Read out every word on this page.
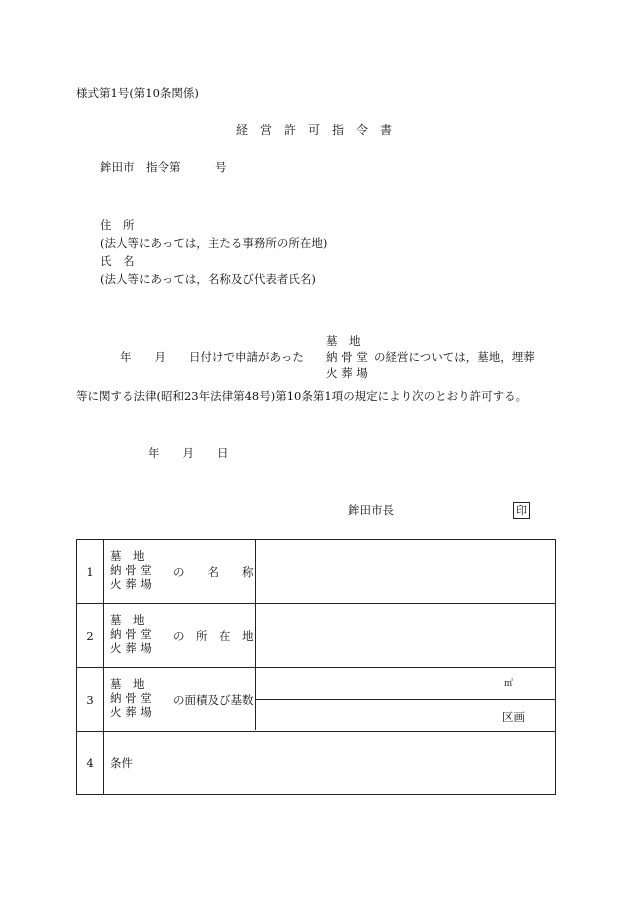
様式第1号(第10条関係)
経　営　許　可　指　令　書
鉾田市　指令第　　　号
住　所
(法人等にあっては，主たる事務所の所在地)
氏　名
(法人等にあっては，名称及び代表者氏名)
墓　地
年　　月　　日付けで申請があった 納 骨 堂 の経営については，墓地，埋葬
火 葬 場
等に関する法律(昭和23年法律第48号)第10条第1項の規定により次のとおり許可する。
年　　月　　日
鉾田市長	印
1
墓　地
納 骨 堂
火 葬 場
の　　名　　称
2
墓　地
納 骨 堂
火 葬 場
の　所　在　地
3
墓　地
納 骨 堂
火 葬 場
の面積及び基数
㎡
区画
4	条件
